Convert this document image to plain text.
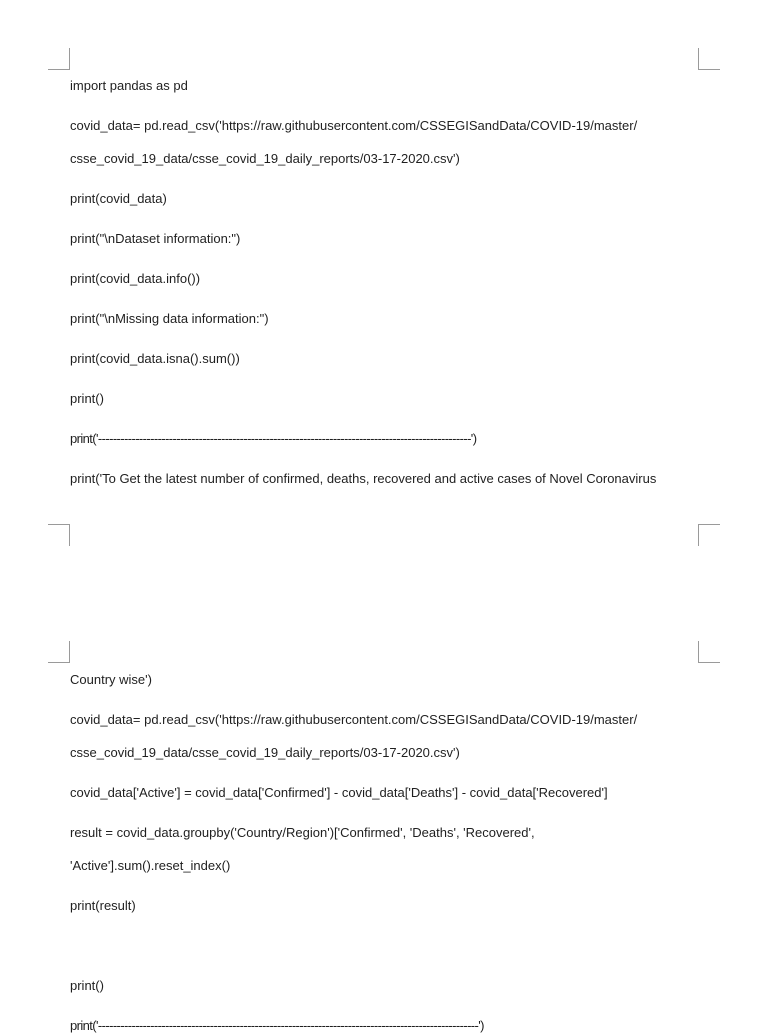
import pandas as pd
covid_data= pd.read_csv('https://raw.githubusercontent.com/CSSEGISandData/COVID-19/master/
csse_covid_19_data/csse_covid_19_daily_reports/03-17-2020.csv')
print(covid_data)
print("\nDataset information:")
print(covid_data.info())
print("\nMissing data information:")
print(covid_data.isna().sum())
print()
print('----------------------------------------------------------------------------------------------------')
print('To Get the latest number of confirmed, deaths, recovered and active cases of Novel Coronavirus
Country wise')
covid_data= pd.read_csv('https://raw.githubusercontent.com/CSSEGISandData/COVID-19/master/
csse_covid_19_data/csse_covid_19_daily_reports/03-17-2020.csv')
covid_data['Active'] = covid_data['Confirmed'] - covid_data['Deaths'] - covid_data['Recovered']
result = covid_data.groupby('Country/Region')['Confirmed', 'Deaths', 'Recovered',
'Active'].sum().reset_index()
print(result)
print()
print('------------------------------------------------------------------------------------------------------')
